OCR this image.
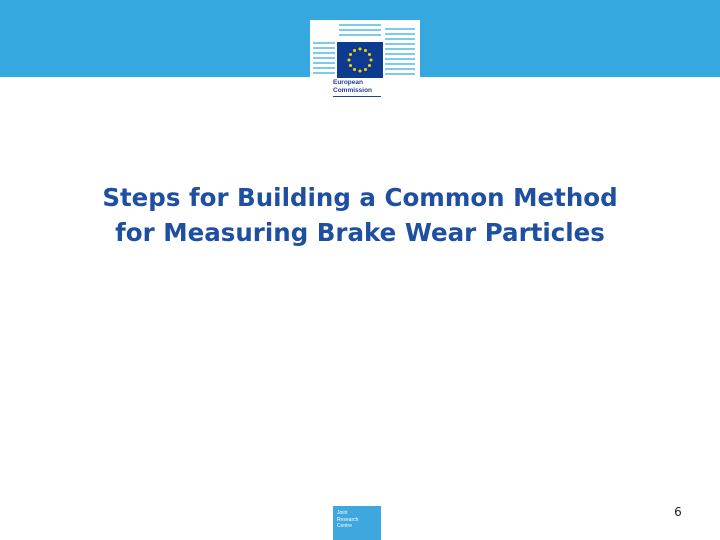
European
Commission
Steps for Building a Common Method
for Measuring Brake Wear Particles
Joint
Research
Centre
6
